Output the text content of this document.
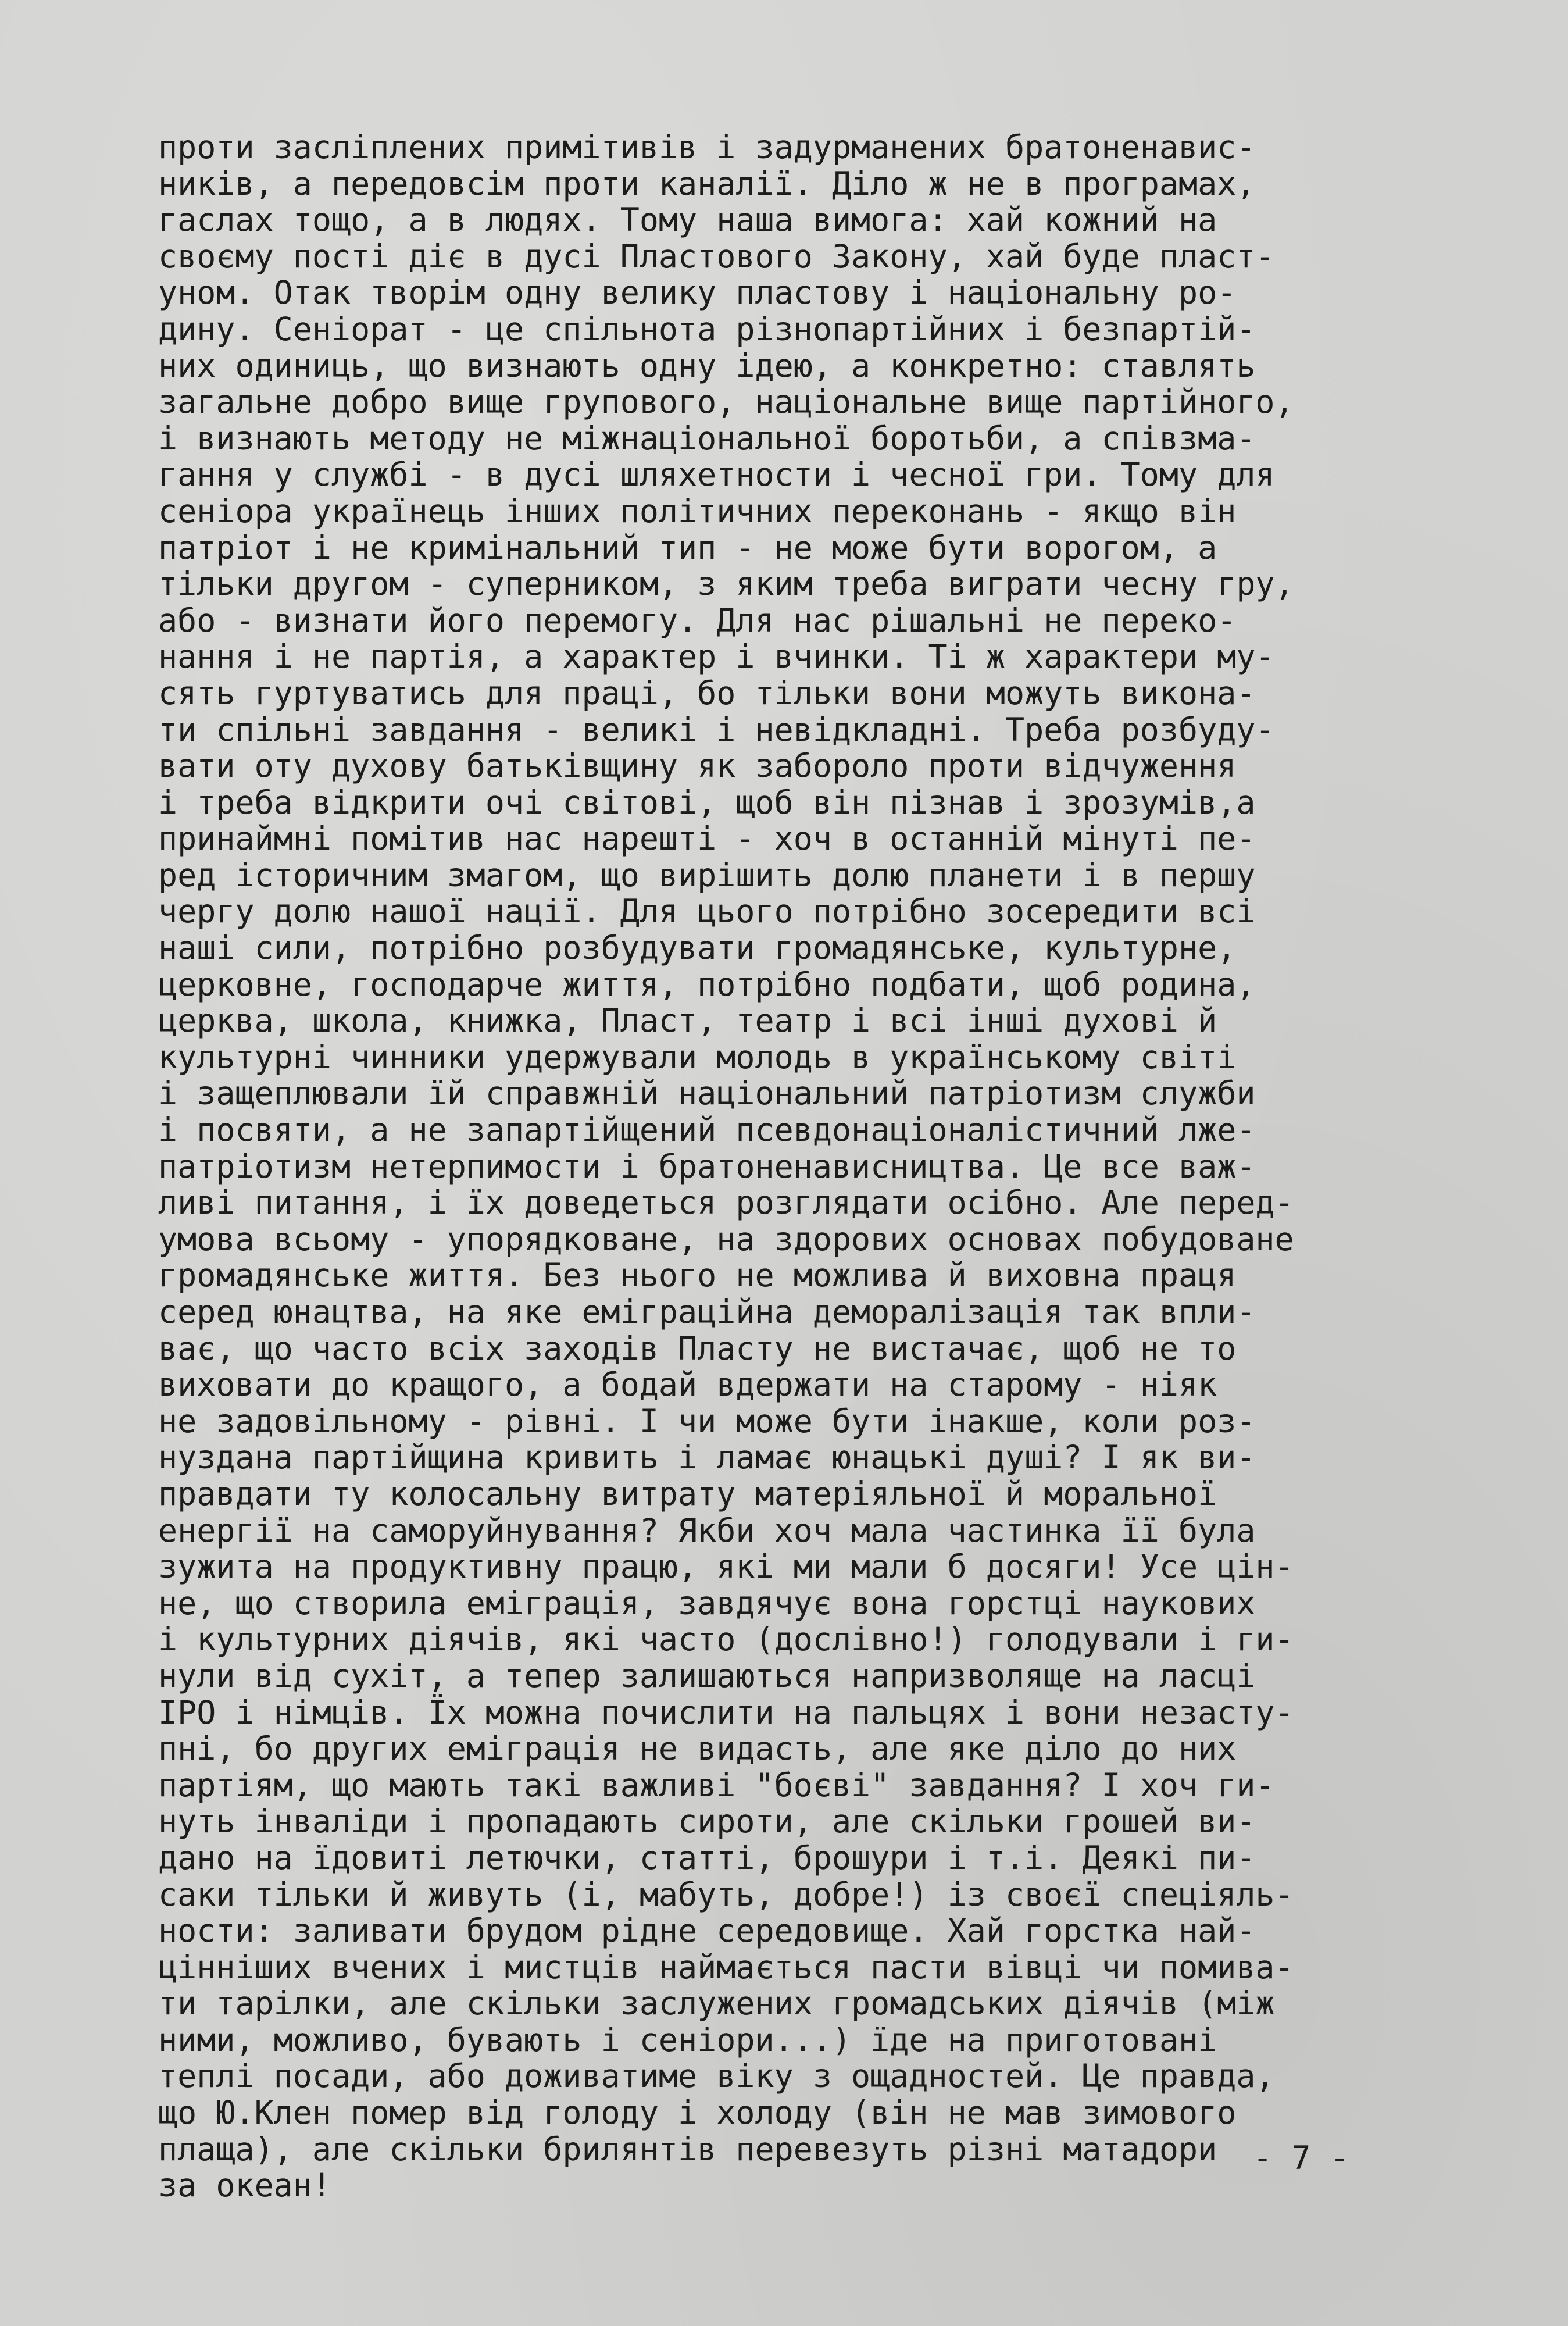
проти засліплених примітивів і задурманених братоненавис-
ників, а передовсім проти каналії. Діло ж не в програмах,
гаслах тощо, а в людях. Тому наша вимога: хай кожний на
своєму пості діє в дусі Пластового Закону, хай буде пласт-
уном. Отак творім одну велику пластову і національну ро-
дину. Сеніорат - це спільнота різнопартійних і безпартій-
них одиниць, що визнають одну ідею, а конкретно: ставлять
загальне добро вище групового, національне вище партійного,
і визнають методу не міжнаціональної боротьби, а співзма-
гання у службі - в дусі шляхетности і чесної гри. Тому для
сеніора українець інших політичних переконань - якщо він
патріот і не кримінальний тип - не може бути ворогом, а
тільки другом - суперником, з яким треба виграти чесну гру,
або - визнати його перемогу. Для нас рішальні не переко-
нання і не партія, а характер і вчинки. Ті ж характери му-
сять гуртуватись для праці, бо тільки вони можуть викона-
ти спільні завдання - великі і невідкладні. Треба розбуду-
вати оту духову батьківщину як заборолo проти відчуження
і треба відкрити очі світові, щоб він пізнав і зрозумів,а
принаймні помітив нас нарешті - хоч в останній мінуті пе-
ред історичним змагом, що вирішить долю планети і в першу
чергу долю нашої нації. Для цього потрібно зосередити всі
наші сили, потрібно розбудувати громадянське, культурне,
церковне, господарче життя, потрібно подбати, щоб родина,
церква, школа, книжка, Пласт, театр і всі інші духові й
культурні чинники удержували молодь в українському світі
і защеплювали їй справжній національний патріотизм служби
і посвяти, а не запартійщений псевдонаціоналістичний лже-
патріотизм нетерпимости і братоненависництва. Це все важ-
ливі питання, і їх доведеться розглядати осібно. Але перед-
умова всьому - упорядковане, на здорових основах побудоване
громадянське життя. Без нього не можлива й виховна праця
серед юнацтва, на яке еміграційна деморалізація так впли-
ває, що часто всіх заходів Пласту не вистачає, щоб не то
виховати до кращого, а бодай вдержати на старому - ніяк
не задовільному - рівні. І чи може бути інакше, коли роз-
нуздана партійщина кривить і ламає юнацькі душі? І як ви-
правдати ту колосальну витрату матеріяльної й моральної
енергії на саморуйнування? Якби хоч мала частинка її була
зужита на продуктивну працю, які ми мали б досяги! Усе цін-
не, що створила еміграція, завдячує вона горстці наукових
і культурних діячів, які часто (дослівно!) голодували і ги-
нули від сухіт, а тепер залишаються напризволяще на ласці
ІРО і німців. Їх можна почислити на пальцях і вони незасту-
пні, бо других еміграція не видасть, але яке діло до них
партіям, що мають такі важливі "боєві" завдання? І хоч ги-
нуть інваліди і пропадають сироти, але скільки грошей ви-
дано на їдовиті летючки, статті, брошури і т.і. Деякі пи-
саки тільки й живуть (і, мабуть, добре!) із своєї спеціяль-
ности: заливати брудом рідне середовище. Хай горстка най-
цінніших вчених і мистців наймається пасти вівці чи помива-
ти тарілки, але скільки заслужених громадських діячів (між
ними, можливо, бувають і сеніори...) їде на приготовані
теплі посади, або доживатиме віку з ощадностей. Це правда,
що Ю.Клен помер від голоду і холоду (він не мав зимового
плаща), але скільки брилянтів перевезуть різні матадори
за океан!
- 7 -
